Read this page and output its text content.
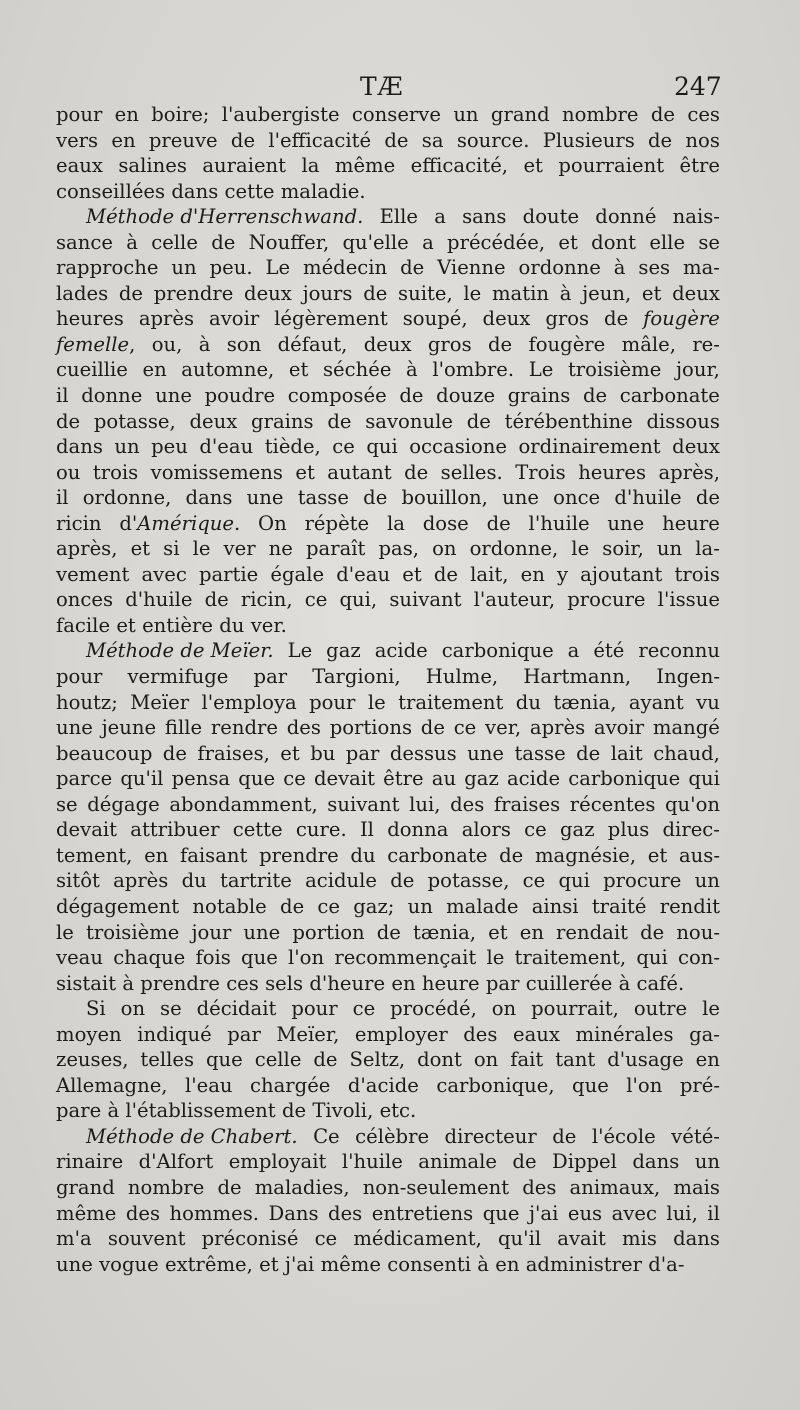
TÆ	247
pour en boire; l'aubergiste conserve un grand nombre de ces
vers en preuve de l'efficacité de sa source. Plusieurs de nos
eaux salines auraient la même efficacité, et pourraient être
conseillées dans cette maladie.
Méthode d'Herrenschwand. Elle a sans doute donné nais-
sance à celle de Nouffer, qu'elle a précédée, et dont elle se
rapproche un peu. Le médecin de Vienne ordonne à ses ma-
lades de prendre deux jours de suite, le matin à jeun, et deux
heures après avoir légèrement soupé, deux gros de fougère
femelle, ou, à son défaut, deux gros de fougère mâle, re-
cueillie en automne, et séchée à l'ombre. Le troisième jour,
il donne une poudre composée de douze grains de carbonate
de potasse, deux grains de savonule de térébenthine dissous
dans un peu d'eau tiède, ce qui occasione ordinairement deux
ou trois vomissemens et autant de selles. Trois heures après,
il ordonne, dans une tasse de bouillon, une once d'huile de
ricin d'Amérique. On répète la dose de l'huile une heure
après, et si le ver ne paraît pas, on ordonne, le soir, un la-
vement avec partie égale d'eau et de lait, en y ajoutant trois
onces d'huile de ricin, ce qui, suivant l'auteur, procure l'issue
facile et entière du ver.
Méthode de Meïer. Le gaz acide carbonique a été reconnu
pour vermifuge par Targioni, Hulme, Hartmann, Ingen-
houtz; Meïer l'employa pour le traitement du tænia, ayant vu
une jeune fille rendre des portions de ce ver, après avoir mangé
beaucoup de fraises, et bu par dessus une tasse de lait chaud,
parce qu'il pensa que ce devait être au gaz acide carbonique qui
se dégage abondamment, suivant lui, des fraises récentes qu'on
devait attribuer cette cure. Il donna alors ce gaz plus direc-
tement, en faisant prendre du carbonate de magnésie, et aus-
sitôt après du tartrite acidule de potasse, ce qui procure un
dégagement notable de ce gaz; un malade ainsi traité rendit
le troisième jour une portion de tænia, et en rendait de nou-
veau chaque fois que l'on recommençait le traitement, qui con-
sistait à prendre ces sels d'heure en heure par cuillerée à café.
Si on se décidait pour ce procédé, on pourrait, outre le
moyen indiqué par Meïer, employer des eaux minérales ga-
zeuses, telles que celle de Seltz, dont on fait tant d'usage en
Allemagne, l'eau chargée d'acide carbonique, que l'on pré-
pare à l'établissement de Tivoli, etc.
Méthode de Chabert. Ce célèbre directeur de l'école vété-
rinaire d'Alfort employait l'huile animale de Dippel dans un
grand nombre de maladies, non-seulement des animaux, mais
même des hommes. Dans des entretiens que j'ai eus avec lui, il
m'a souvent préconisé ce médicament, qu'il avait mis dans
une vogue extrême, et j'ai même consenti à en administrer d'a-
